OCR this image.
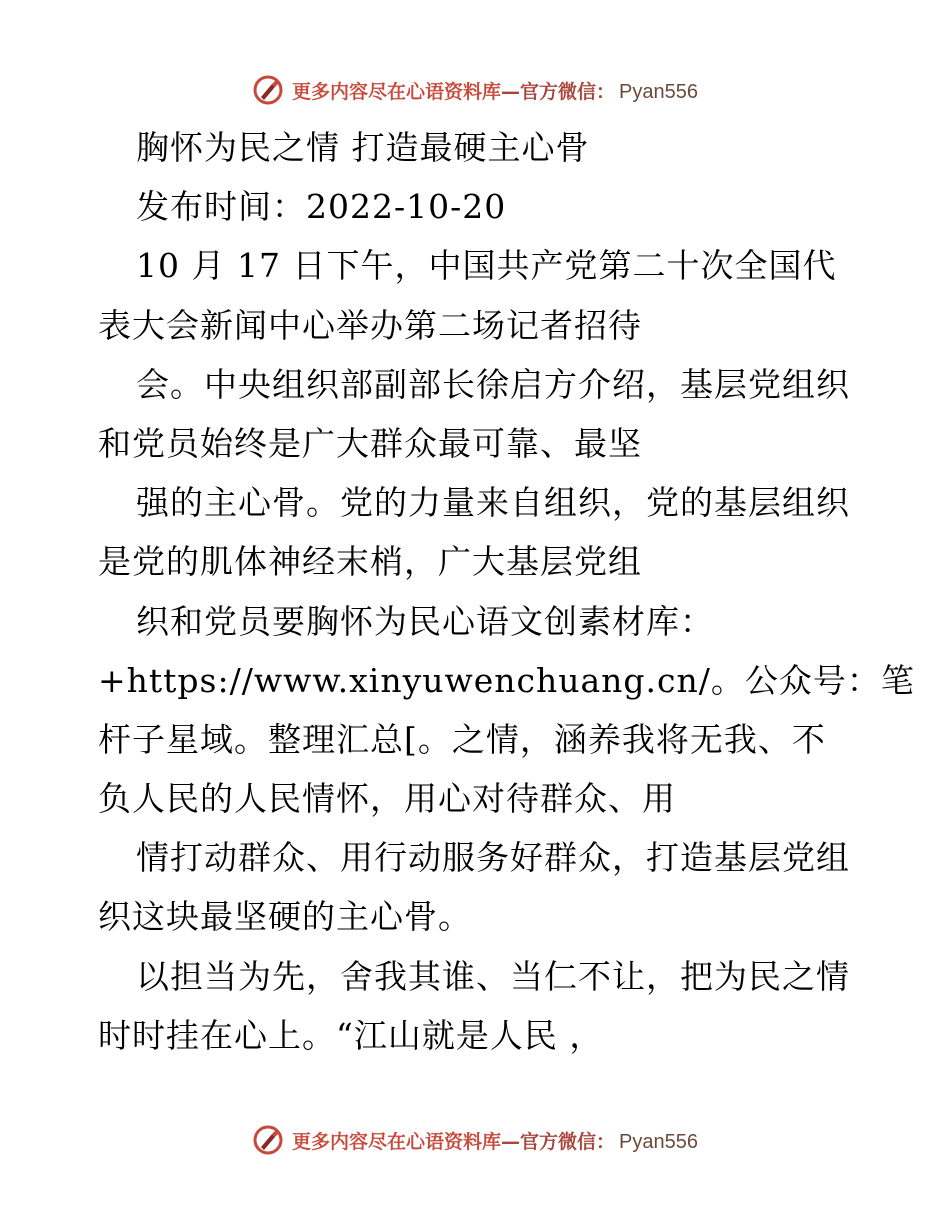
更多内容尽在心语资料库 —官方微信： Pyan556
胸怀为民之情 打造最硬主心骨
发布时间：2022-10-20
10 月 17 日下午，中国共产党第二十次全国代
表大会新闻中心举办第二场记者招待
会。中央组织部副部长徐启方介绍，基层党组织
和党员始终是广大群众最可靠、最坚
强的主心骨。党的力量来自组织，党的基层组织
是党的肌体神经末梢，广大基层党组
织和党员要胸怀为民心语文创素材库：
+https://www.xinyuwenchuang.cn/。公众号：笔
杆子星域。整理汇总[。之情，涵养我将无我、不
负人民的人民情怀，用心对待群众、用
情打动群众、用行动服务好群众，打造基层党组
织这块最坚硬的主心骨。
以担当为先，舍我其谁、当仁不让，把为民之情
时时挂在心上。“江山就是人民 ，
更多内容尽在心语资料库 —官方微信： Pyan556
